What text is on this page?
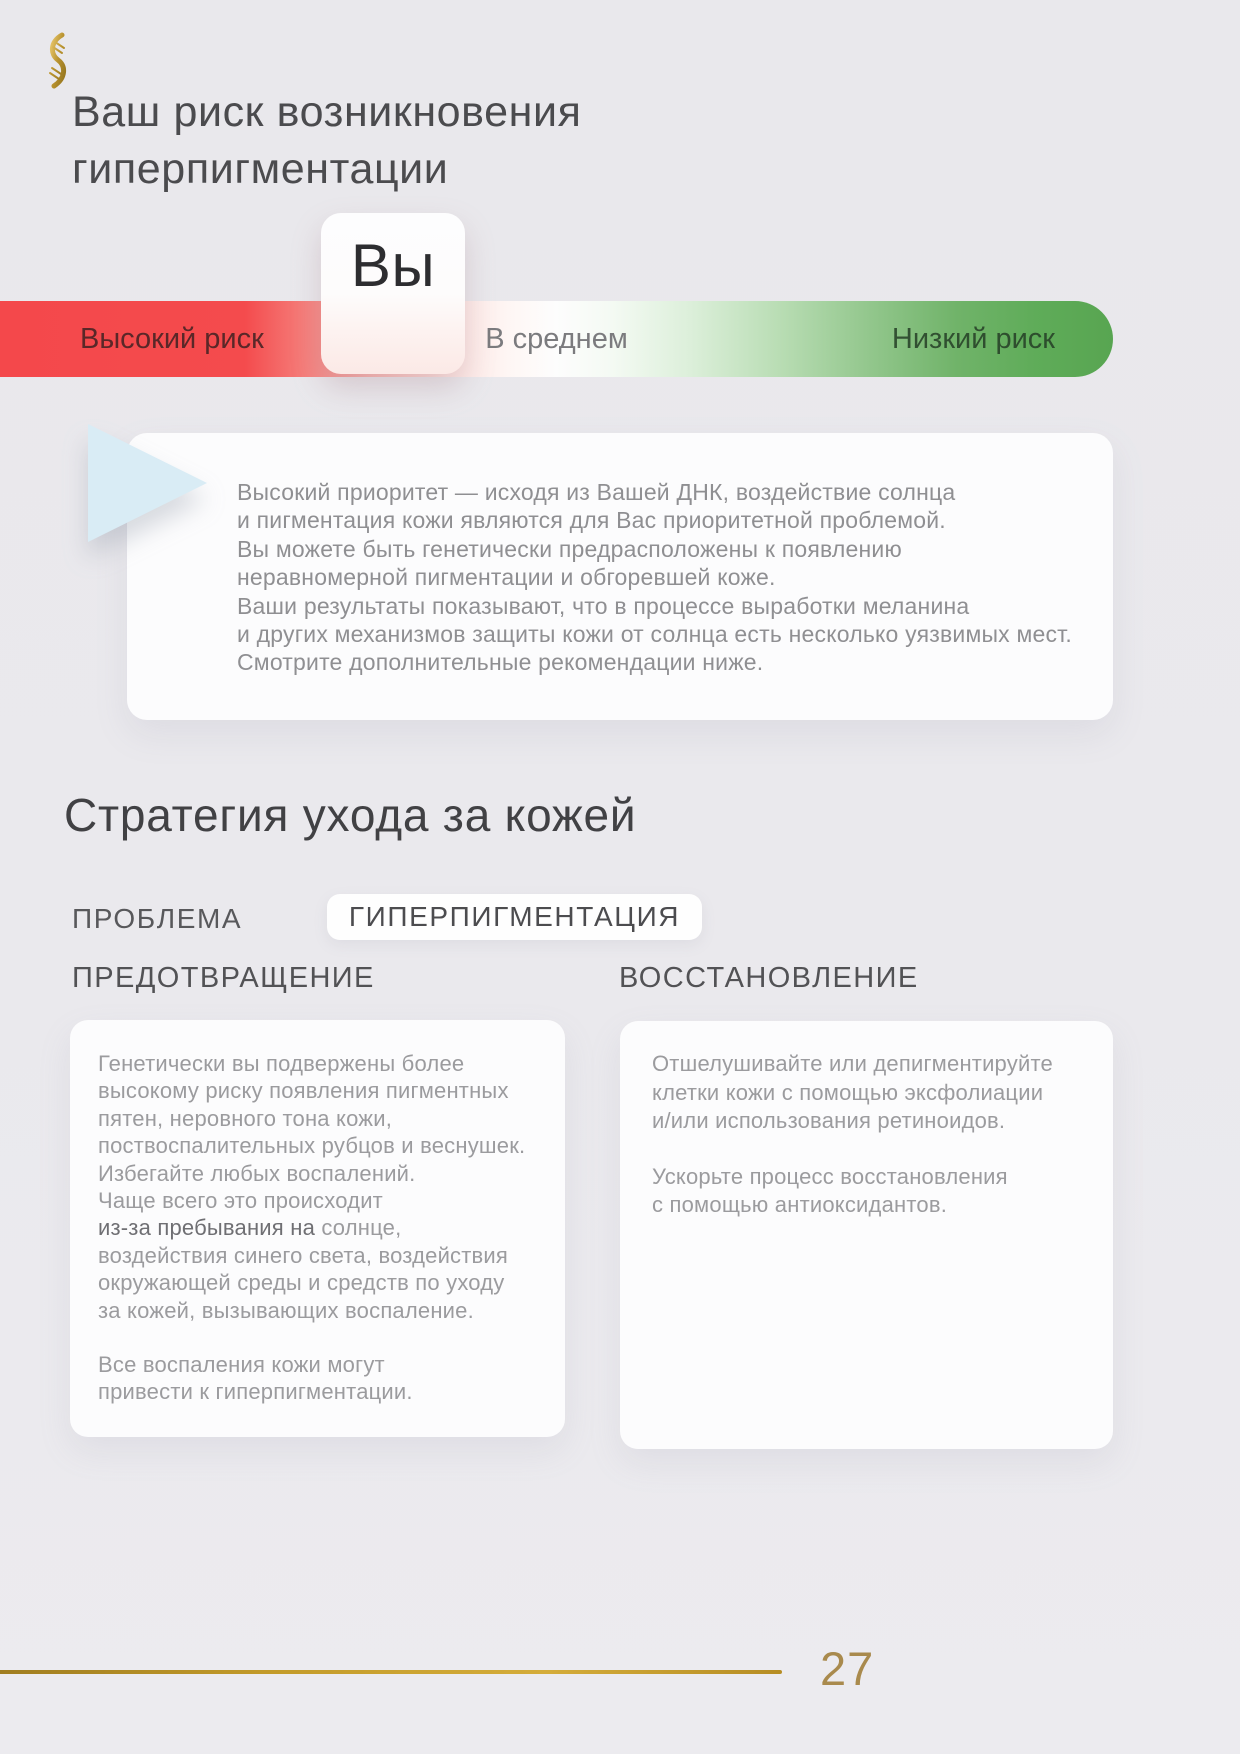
Ваш риск возникновения
гиперпигментации
Вы
Высокий риск	В среднем	Низкий риск

Высокий приоритет — исходя из Вашей ДНК, воздействие солнца

и пигментация кожи являются для Вас приоритетной проблемой.

Вы можете быть генетически предрасположены к появлению

неравномерной пигментации и обгоревшей коже.

Ваши результаты показывают, что в процессе выработки меланина

и других механизмов защиты кожи от солнца есть несколько уязвимых мест.

Смотрите дополнительные рекомендации ниже.

Стратегия ухода за кожей
ПРОБЛЕМА	ГИПЕРПИГМЕНТАЦИЯ
ПРЕДОТВРАЩЕНИЕ	ВОССТАНОВЛЕНИЕ

Генетически вы подвержены более

высокому риску появления пигментных

пятен, неровного тона кожи,

поствоспалительных рубцов и веснушек.

Избегайте любых воспалений.

Чаще всего это происходит

из-за пребывания на солнце,

воздействия синего света, воздействия

окружающей среды и средств по уходу

за кожей, вызывающих воспаление.

Все воспаления кожи могут

привести к гиперпигментации.

Отшелушивайте или депигментируйте

клетки кожи с помощью эксфолиации

и/или использования ретиноидов.

Ускорьте процесс восстановления

с помощью антиоксидантов.

27
